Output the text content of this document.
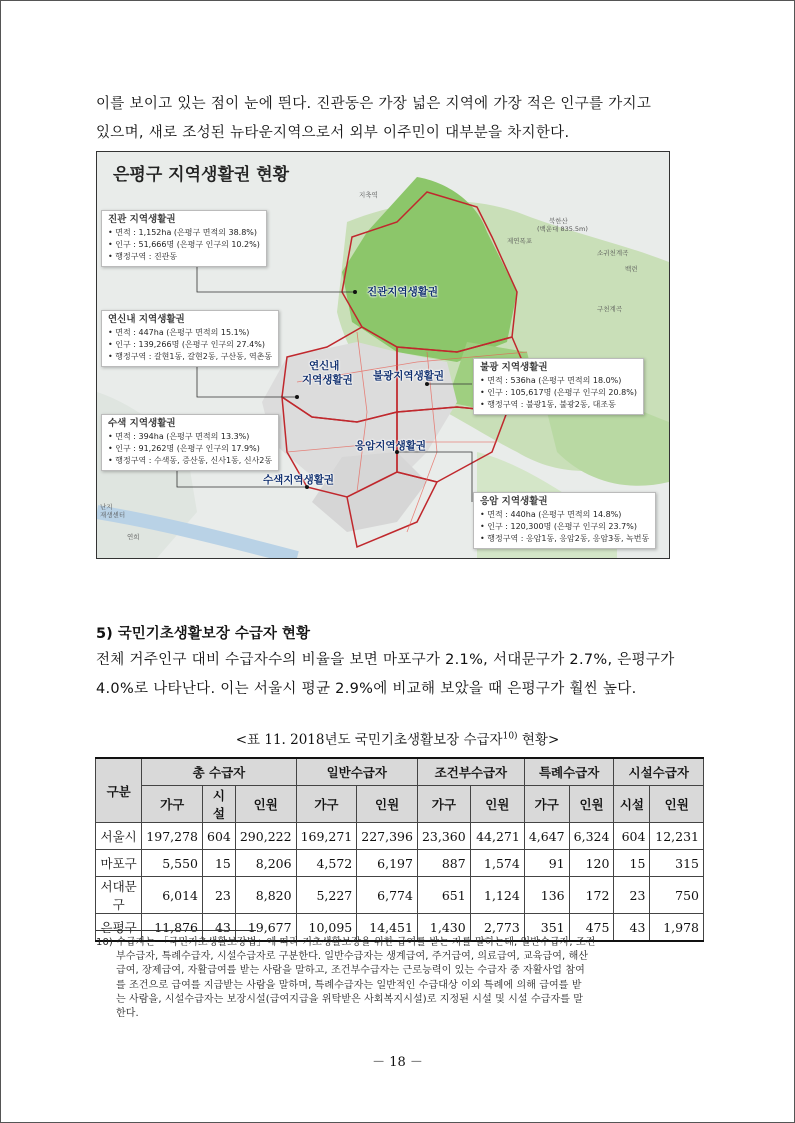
이를 보이고 있는 점이 눈에 띈다. 진관동은 가장 넓은 지역에 가장 적은 인구를 가지고
있으며, 새로 조성된 뉴타운지역으로서 외부 이주민이 대부분을 차지한다.
은평구 지역생활권 현황
지축역
북한산
(백운대 835.5m)
제연폭포
소귀천계곡
백련
구천계곡
난지
재생센터
연희
진관지역생활권
연신내
지역생활권 불광지역생활권
응암지역생활권
수색지역생활권
진관 지역생활권
• 면적 : 1,152ha (은평구 면적의 38.8%)
• 인구 : 51,666명 (은평구 인구의 10.2%)
• 행정구역 : 진관동
연신내 지역생활권
• 면적 : 447ha (은평구 면적의 15.1%)
• 인구 : 139,266명 (은평구 인구의 27.4%)
• 행정구역 : 갈현1동, 갈현2동, 구산동, 역촌동
수색 지역생활권
• 면적 : 394ha (은평구 면적의 13.3%)
• 인구 : 91,262명 (은평구 인구의 17.9%)
• 행정구역 : 수색동, 증산동, 신사1동, 신사2동
불광 지역생활권
• 면적 : 536ha (은평구 면적의 18.0%)
• 인구 : 105,617명 (은평구 인구의 20.8%)
• 행정구역 : 불광1동, 불광2동, 대조동
응암 지역생활권
• 면적 : 440ha (은평구 면적의 14.8%)
• 인구 : 120,300명 (은평구 인구의 23.7%)
• 행정구역 : 응암1동, 응암2동, 응암3동, 녹번동
5) 국민기초생활보장 수급자 현황
전체 거주인구 대비 수급자수의 비율을 보면 마포구가 2.1%, 서대문구가 2.7%, 은평구가
4.0%로 나타난다. 이는 서울시 평균 2.9%에 비교해 보았을 때 은평구가 훨씬 높다.
<표 11. 2018년도 국민기초생활보장 수급자$^{10)}$ 현황>
구분	총 수급자			일반수급자		조건부수급자		특례수급자		시설수급자	
	가구	시설	인원	가구	인원	가구	인원	가구	인원	시설	인원
서울시	197,278	604	290,222	169,271	227,396	23,360	44,271	4,647	6,324	604	12,231
마포구	5,550	15	8,206	4,572	6,197	887	1,574	91	120	15	315
서대문구	6,014	23	8,820	5,227	6,774	651	1,124	136	172	23	750
은평구	11,876	43	19,677	10,095	14,451	1,430	2,773	351	475	43	1,978
10) 수급자는 「국민기초생활보장법」에 따라 기초생활보장을 위한 급여를 받는 자를 말하는데, 일반수급자, 조건
부수급자, 특례수급자, 시설수급자로 구분한다. 일반수급자는 생계급여, 주거급여, 의료급여, 교육급여, 해산
급여, 장제급여, 자활급여를 받는 사람을 말하고, 조건부수급자는 근로능력이 있는 수급자 중 자활사업 참여
를 조건으로 급여를 지급받는 사람을 말하며, 특례수급자는 일반적인 수급대상 이외 특례에 의해 급여를 받
는 사람을, 시설수급자는 보장시설(급여지급을 위탁받은 사회복지시설)로 지정된 시설 및 시설 수급자를 말
한다.
－ 18 －
